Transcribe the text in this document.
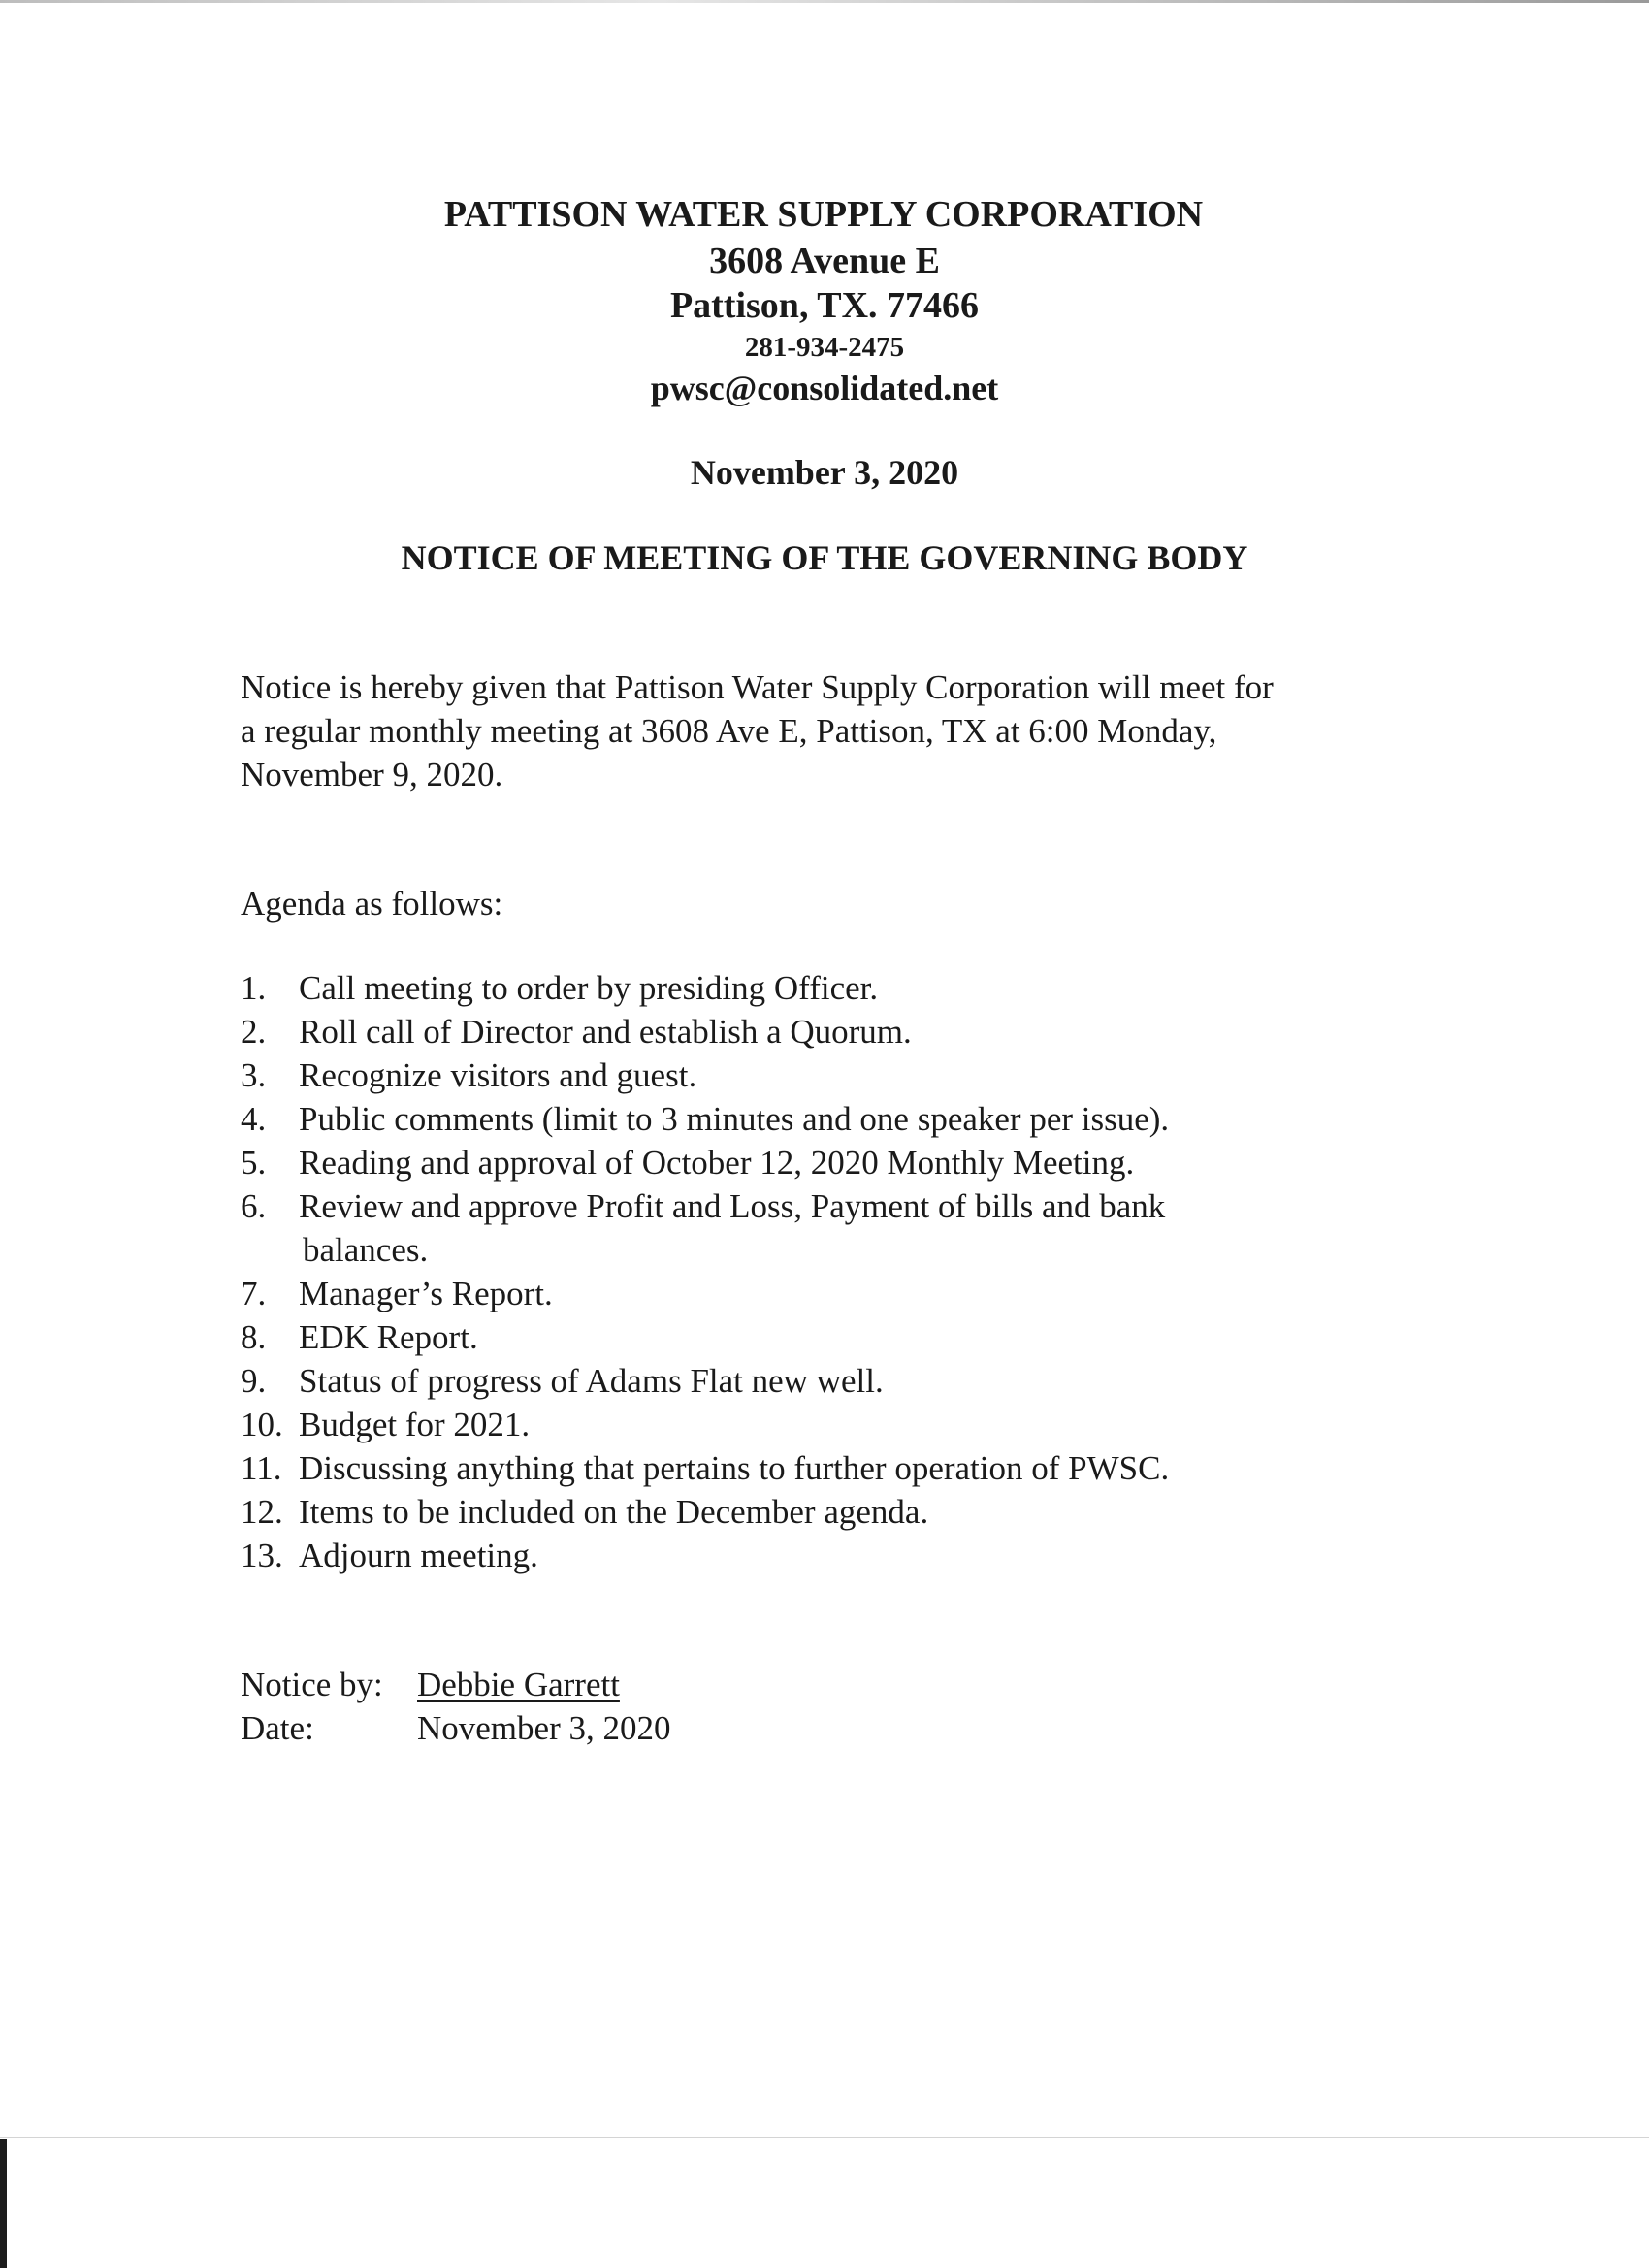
PATTISON WATER SUPPLY CORPORATION
3608 Avenue E
Pattison, TX. 77466
281-934-2475
pwsc@consolidated.net
November 3, 2020
NOTICE OF MEETING OF THE GOVERNING BODY
Notice is hereby given that Pattison Water Supply Corporation will meet for
a regular monthly meeting at 3608 Ave E, Pattison, TX at 6:00 Monday,
November 9, 2020.
Agenda as follows:
1. Call meeting to order by presiding Officer.
2. Roll call of Director and establish a Quorum.
3. Recognize visitors and guest.
4. Public comments (limit to 3 minutes and one speaker per issue).
5. Reading and approval of October 12, 2020 Monthly Meeting.
6. Review and approve Profit and Loss, Payment of bills and bank
balances.
7. Manager’s Report.
8. EDK Report.
9. Status of progress of Adams Flat new well.
10. Budget for 2021.
11. Discussing anything that pertains to further operation of PWSC.
12. Items to be included on the December agenda.
13. Adjourn meeting.
Notice by:	Debbie Garrett
Date:	November 3, 2020
